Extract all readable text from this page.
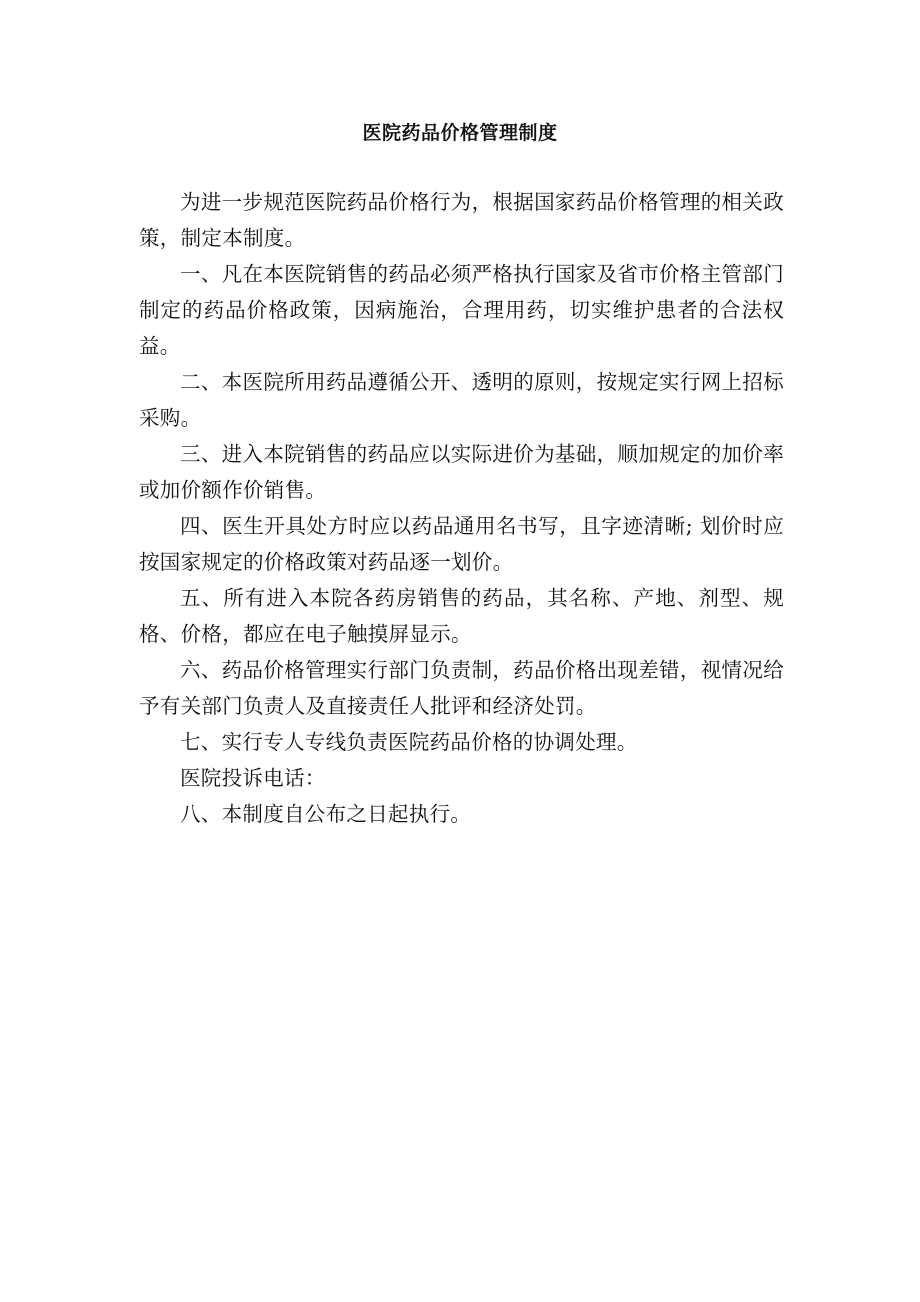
医院药品价格管理制度

为进一步规范医院药品价格行为，根据国家药品价格管理的相关政策，制定本制度。

一、凡在本医院销售的药品必须严格执行国家及省市价格主管部门制定的药品价格政策，因病施治，合理用药，切实维护患者的合法权益。

二、本医院所用药品遵循公开、透明的原则，按规定实行网上招标采购。

三、进入本院销售的药品应以实际进价为基础，顺加规定的加价率或加价额作价销售。

四、医生开具处方时应以药品通用名书写，且字迹清晰; 划价时应按国家规定的价格政策对药品逐一划价。

五、所有进入本院各药房销售的药品，其名称、产地、剂型、规格、价格，都应在电子触摸屏显示。

六、药品价格管理实行部门负责制，药品价格出现差错，视情况给予有关部门负责人及直接责任人批评和经济处罚。

七、实行专人专线负责医院药品价格的协调处理。

医院投诉电话：

八、本制度自公布之日起执行。
